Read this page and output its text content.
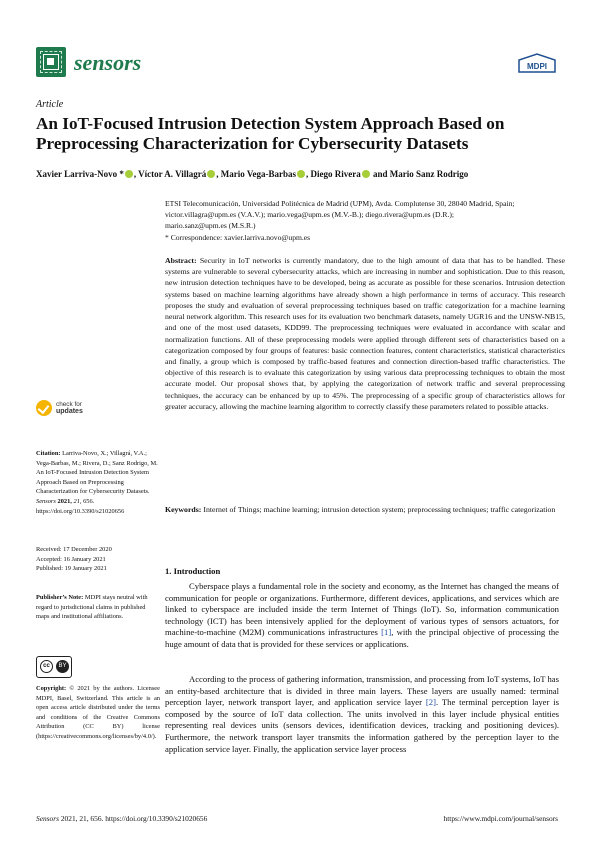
sensors	MDPI
Article
An IoT-Focused Intrusion Detection System Approach Based on Preprocessing Characterization for Cybersecurity Datasets
Xavier Larriva-Novo * , Víctor A. Villagrá , Mario Vega-Barbas , Diego Rivera and Mario Sanz Rodrigo
ETSI Telecomunicación, Universidad Politécnica de Madrid (UPM), Avda. Complutense 30, 28040 Madrid, Spain;
victor.villagra@upm.es (V.A.V.); mario.vega@upm.es (M.V.-B.); diego.rivera@upm.es (D.R.);
mario.sanz@upm.es (M.S.R.)
* Correspondence: xavier.larriva.novo@upm.es
Abstract: Security in IoT networks is currently mandatory, due to the high amount of data that has to be handled. These systems are vulnerable to several cybersecurity attacks, which are increasing in number and sophistication. Due to this reason, new intrusion detection techniques have to be developed, being as accurate as possible for these scenarios. Intrusion detection systems based on machine learning algorithms have already shown a high performance in terms of accuracy. This research proposes the study and evaluation of several preprocessing techniques based on traffic categorization for a machine learning neural network algorithm. This research uses for its evaluation two benchmark datasets, namely UGR16 and the UNSW-NB15, and one of the most used datasets, KDD99. The preprocessing techniques were evaluated in accordance with scalar and normalization functions. All of these preprocessing models were applied through different sets of characteristics based on a categorization composed by four groups of features: basic connection features, content characteristics, statistical characteristics and finally, a group which is composed by traffic-based features and connection direction-based traffic characteristics. The objective of this research is to evaluate this categorization by using various data preprocessing techniques to obtain the most accurate model. Our proposal shows that, by applying the categorization of network traffic and several preprocessing techniques, the accuracy can be enhanced by up to 45%. The preprocessing of a specific group of characteristics allows for greater accuracy, allowing the machine learning algorithm to correctly classify these parameters related to possible attacks.
Keywords: Internet of Things; machine learning; intrusion detection system; preprocessing techniques; traffic categorization
check for
updates
Citation: Larriva-Novo, X.; Villagrá, V.A.; Vega-Barbas, M.; Rivera, D.; Sanz Rodrigo, M. An IoT-Focused Intrusion Detection System Approach Based on Preprocessing Characterization for Cybersecurity Datasets. Sensors 2021, 21, 656. https://doi.org/10.3390/s21020656
Received: 17 December 2020
Accepted: 16 January 2021
Published: 19 January 2021
Publisher’s Note: MDPI stays neutral with regard to jurisdictional claims in published maps and institutional affiliations.
cc	BY
Copyright: © 2021 by the authors. Licensee MDPI, Basel, Switzerland. This article is an open access article distributed under the terms and conditions of the Creative Commons Attribution (CC BY) license (https://creativecommons.org/licenses/by/4.0/).
1. Introduction
Cyberspace plays a fundamental role in the society and economy, as the Internet has changed the means of communication for people or organizations. Furthermore, different devices, applications, and services which are linked to cyberspace are included inside the term Internet of Things (IoT). So, information communication technology (ICT) has been intensively applied for the deployment of various types of sensors actuators, for machine-to-machine (M2M) communications infrastructures [1], with the principal objective of processing the huge amount of data that is provided for these services or applications.
According to the process of gathering information, transmission, and processing from IoT systems, IoT has an entity-based architecture that is divided in three main layers. These layers are usually named: terminal perception layer, network transport layer, and application service layer [2]. The terminal perception layer is composed by the source of IoT data collection. The units involved in this layer include physical entities representing real devices units (sensors devices, identification devices, tracking and positioning devices). Furthermore, the network transport layer transmits the information gathered by the perception layer to the application service layer. Finally, the application service layer process
Sensors 2021, 21, 656. https://doi.org/10.3390/s21020656	https://www.mdpi.com/journal/sensors
